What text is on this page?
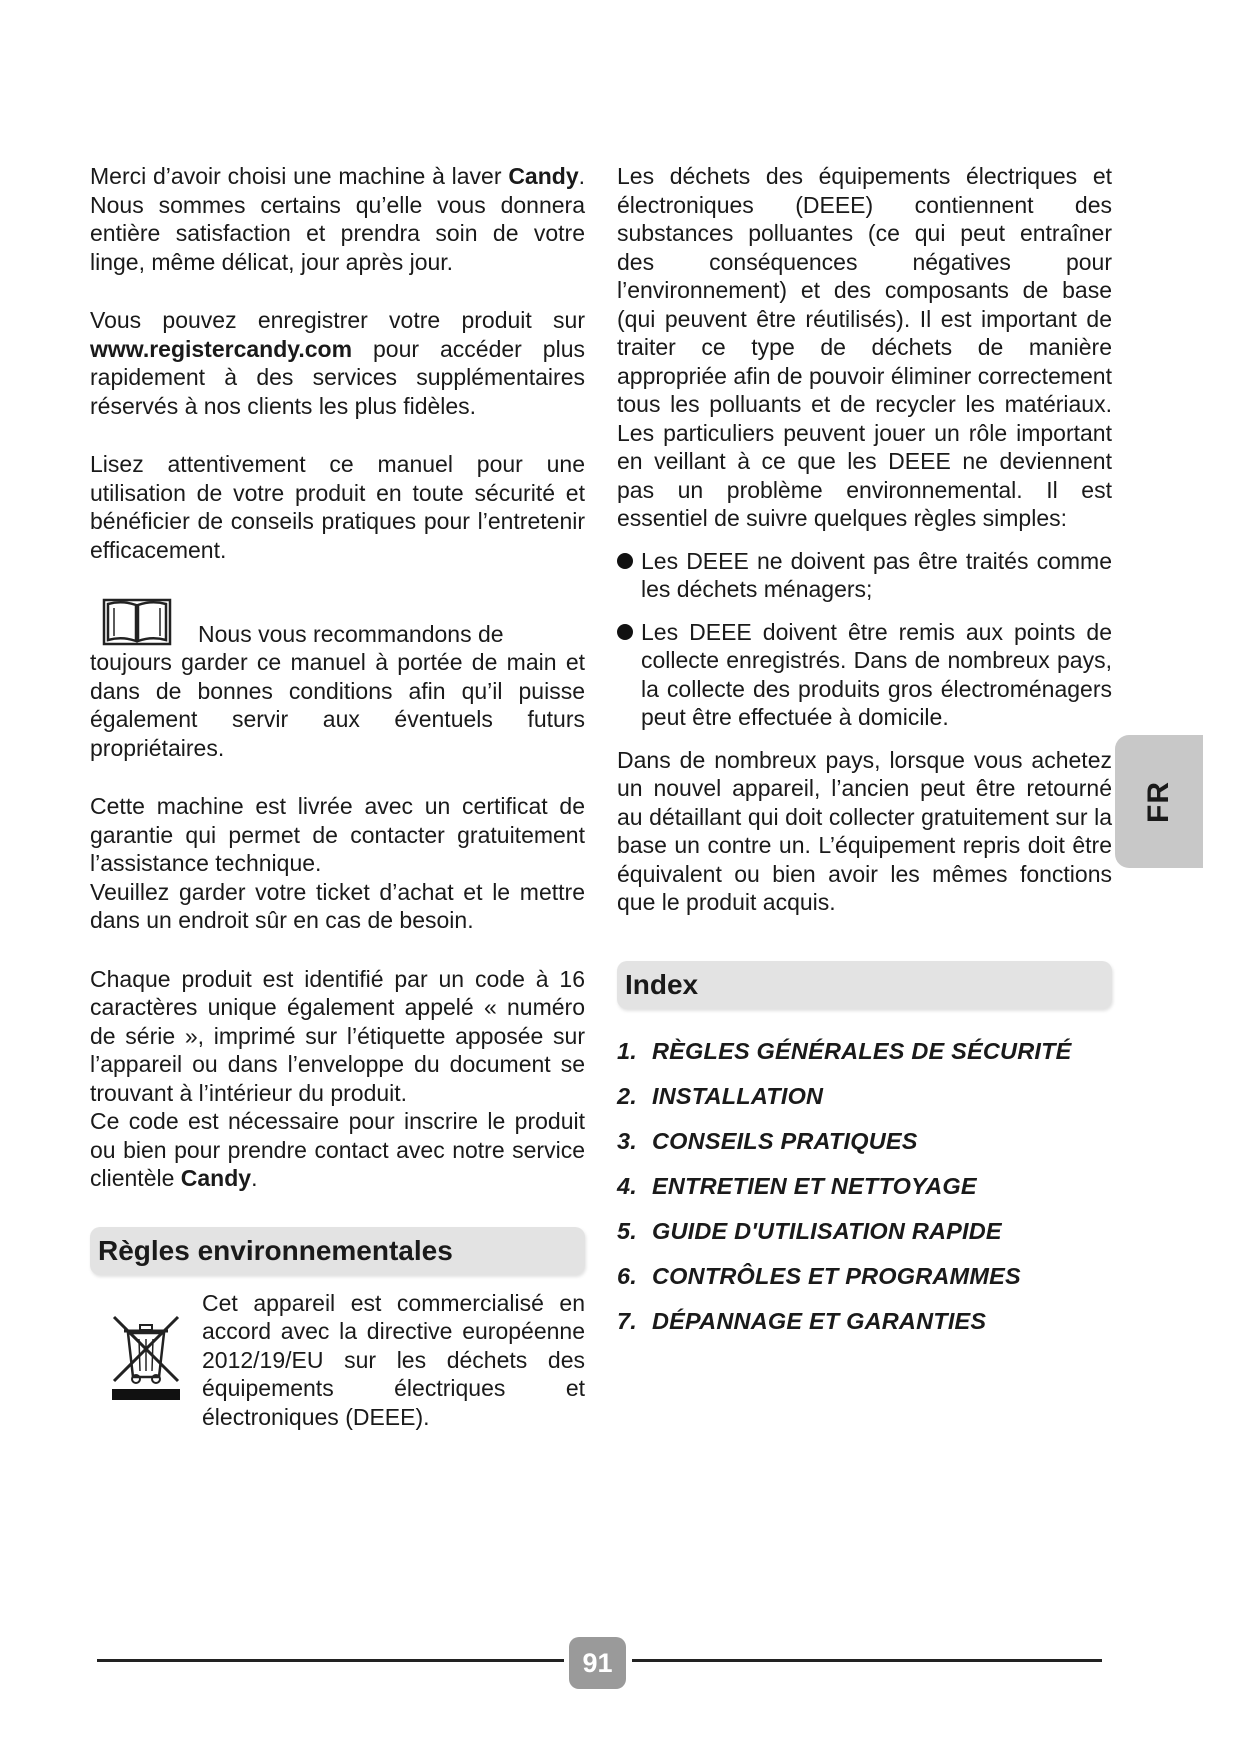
Merci d’avoir choisi une machine à laver Candy. Nous sommes certains qu’elle vous donnera entière satisfaction et prendra soin de votre linge, même délicat, jour après jour.

Vous pouvez enregistrer votre produit sur www.registercandy.com pour accéder plus rapidement à des services supplémentaires réservés à nos clients les plus fidèles.

Lisez attentivement ce manuel pour une utilisation de votre produit en toute sécurité et bénéficier de conseils pratiques pour l’entretenir efficacement.

Nous vous recommandons de

toujours garder ce manuel à portée de main et dans de bonnes conditions afin qu’il puisse également servir aux éventuels futurs propriétaires.

Cette machine est livrée avec un certificat de garantie qui permet de contacter gratuitement l’assistance technique.

Veuillez garder votre ticket d’achat et le mettre dans un endroit sûr en cas de besoin.

Chaque produit est identifié par un code à 16 caractères unique également appelé « numéro de série », imprimé sur l’étiquette apposée sur l’appareil ou dans l’enveloppe du document se trouvant à l’intérieur du produit.

Ce code est nécessaire pour inscrire le produit ou bien pour prendre contact avec notre service clientèle Candy.

Règles environnementales

Cet appareil est commercialisé en accord avec la directive européenne 2012/19/EU sur les déchets des équipements électriques et électroniques (DEEE).

Les déchets des équipements électriques et électroniques (DEEE) contiennent des substances polluantes (ce qui peut entraîner des conséquences négatives pour l’environnement) et des composants de base (qui peuvent être réutilisés). Il est important de traiter ce type de déchets de manière appropriée afin de pouvoir éliminer correctement tous les polluants et de recycler les matériaux. Les particuliers peuvent jouer un rôle important en veillant à ce que les DEEE ne deviennent pas un problème environnemental. Il est essentiel de suivre quelques règles simples:

Les DEEE ne doivent pas être traités comme les déchets ménagers;

Les DEEE doivent être remis aux points de collecte enregistrés. Dans de nombreux pays, la collecte des produits gros électroménagers peut être effectuée à domicile.

Dans de nombreux pays, lorsque vous achetez un nouvel appareil, l’ancien peut être retourné au détaillant qui doit collecter gratuitement sur la base un contre un. L’équipement repris doit être équivalent ou bien avoir les mêmes fonctions que le produit acquis.

Index
1. RÈGLES GÉNÉRALES DE SÉCURITÉ
2. INSTALLATION
3. CONSEILS PRATIQUES
4. ENTRETIEN ET NETTOYAGE
5. GUIDE D'UTILISATION RAPIDE
6. CONTRÔLES ET PROGRAMMES
7. DÉPANNAGE ET GARANTIES
FR
91
